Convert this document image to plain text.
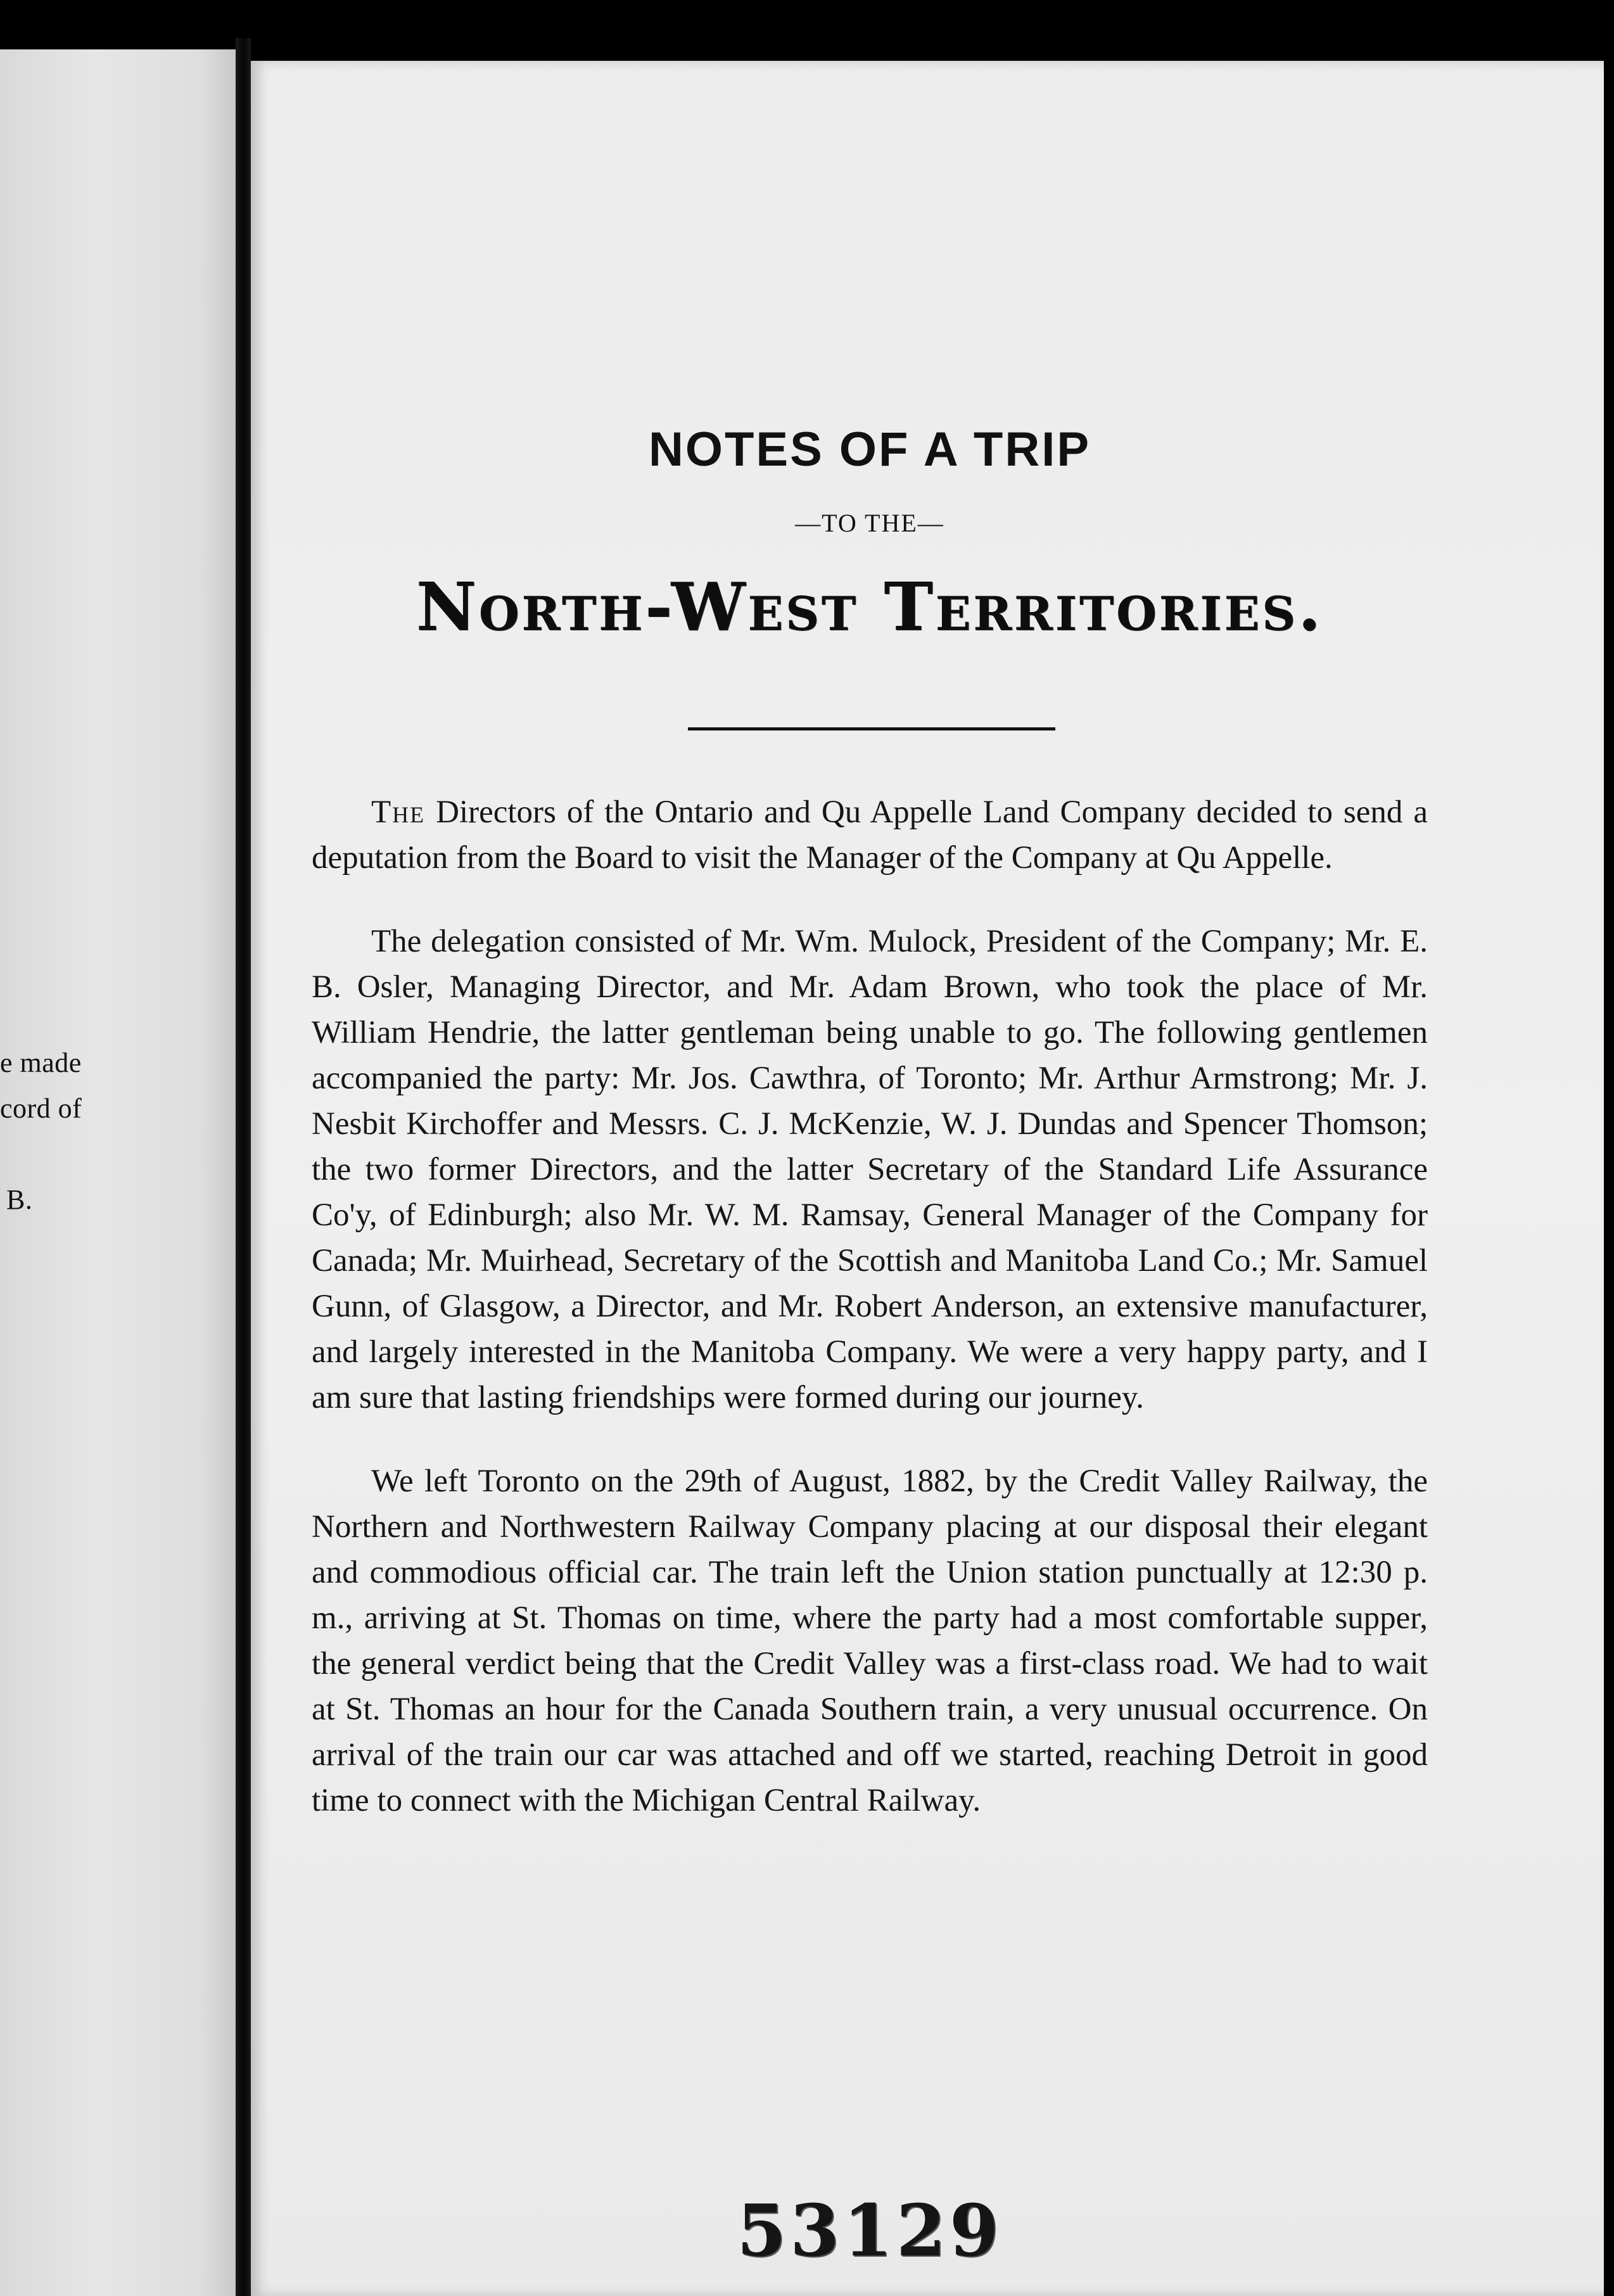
e made
cord of
B.
NOTES OF A TRIP
—TO THE—
North-West Territories.

The Directors of the Ontario and Qu Appelle Land Company decided to send a deputation from the Board to visit the Manager of the Company at Qu Appelle.

The delegation consisted of Mr. Wm. Mulock, President of the Company; Mr. E. B. Osler, Managing Director, and Mr. Adam Brown, who took the place of Mr. William Hendrie, the latter gentleman being unable to go. The following gentlemen accompanied the party: Mr. Jos. Cawthra, of Toronto; Mr. Arthur Armstrong; Mr. J. Nesbit Kirchoffer and Messrs. C. J. McKenzie, W. J. Dundas and Spencer Thomson; the two former Directors, and the latter Secretary of the Standard Life Assurance Co'y, of Edinburgh; also Mr. W. M. Ramsay, General Manager of the Company for Canada; Mr. Muirhead, Secretary of the Scottish and Manitoba Land Co.; Mr. Samuel Gunn, of Glasgow, a Director, and Mr. Robert Anderson, an extensive manufacturer, and largely interested in the Manitoba Company. We were a very happy party, and I am sure that lasting friendships were formed during our journey.

We left Toronto on the 29th of August, 1882, by the Credit Valley Railway, the Northern and Northwestern Railway Company placing at our disposal their elegant and commodious official car. The train left the Union station punctually at 12:30 p. m., arriving at St. Thomas on time, where the party had a most comfortable supper, the general verdict being that the Credit Valley was a first-class road. We had to wait at St. Thomas an hour for the Canada Southern train, a very unusual occurrence. On arrival of the train our car was attached and off we started, reaching Detroit in good time to connect with the Michigan Central Railway.

53129
